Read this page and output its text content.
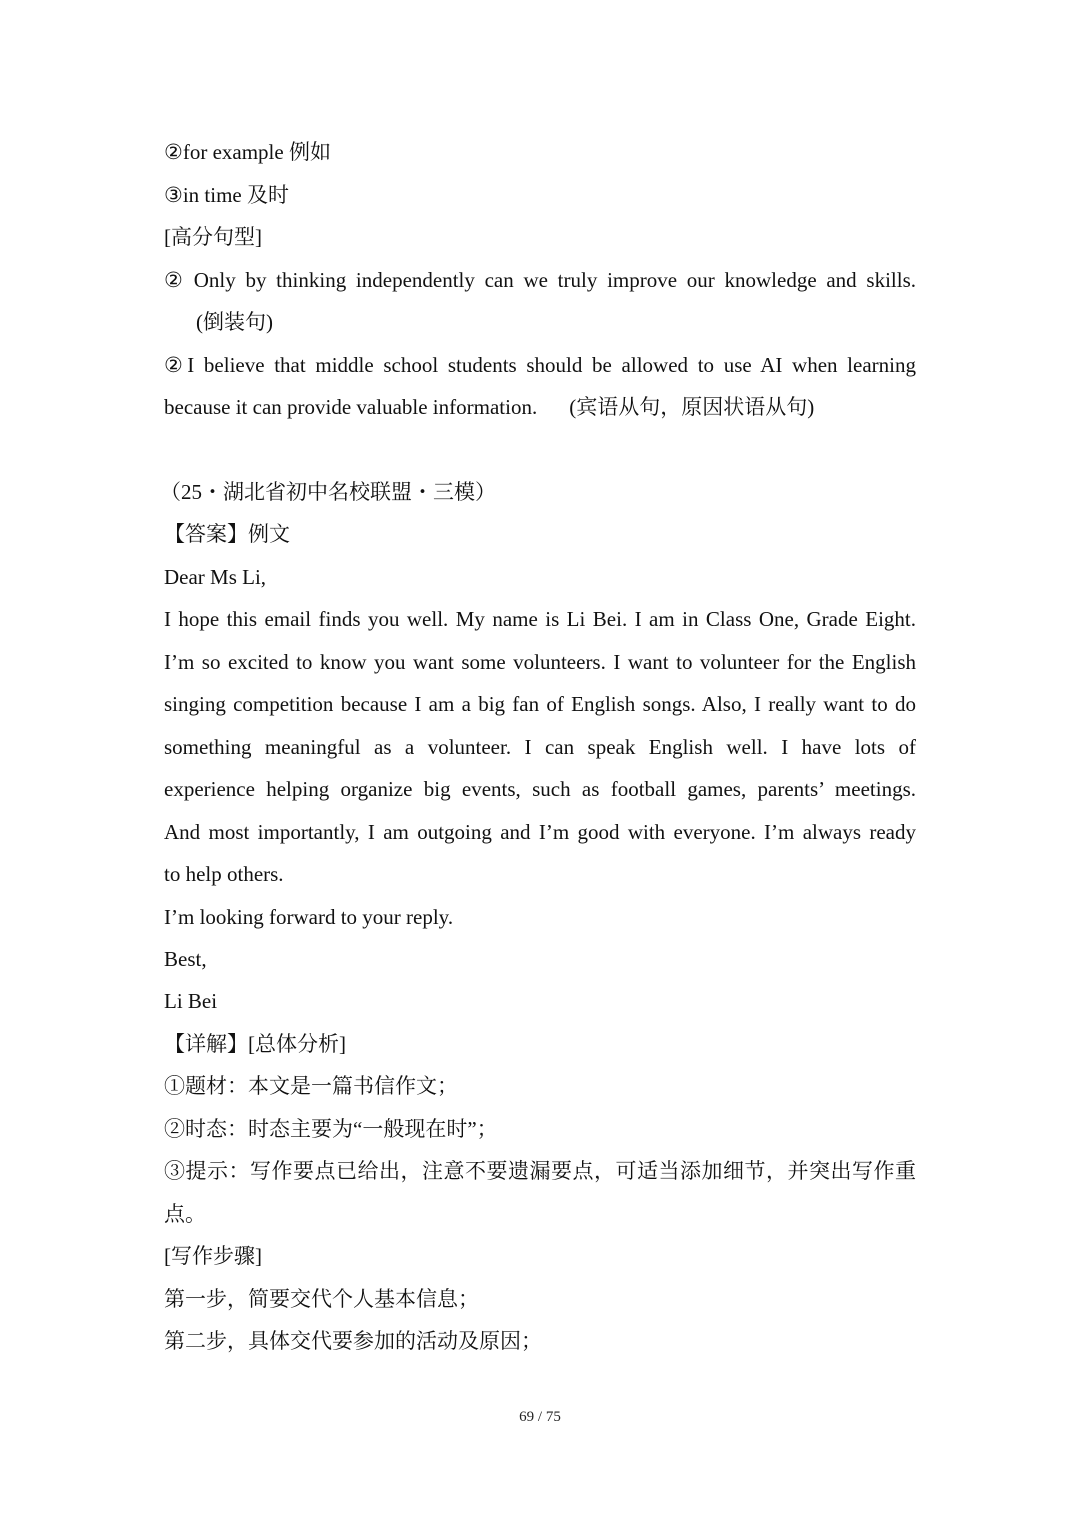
②for example 例如
③in time 及时
[高分句型]
② Only by thinking independently can we truly improve our knowledge and skills.
(倒装句)
②I believe that middle school students should be allowed to use AI when learning
because it can provide valuable information. (宾语从句，原因状语从句)
（25・湖北省初中名校联盟・三模）
【答案】例文
Dear Ms Li,
I hope this email finds you well. My name is Li Bei. I am in Class One, Grade Eight.
I’m so excited to know you want some volunteers. I want to volunteer for the English
singing competition because I am a big fan of English songs. Also, I really want to do
something meaningful as a volunteer. I can speak English well. I have lots of
experience helping organize big events, such as football games, parents’ meetings.
And most importantly, I am outgoing and I’m good with everyone. I’m always ready
to help others.
I’m looking forward to your reply.
Best,
Li Bei
【详解】[总体分析]
①题材：本文是一篇书信作文；
②时态：时态主要为“一般现在时”；
③提示：写作要点已给出，注意不要遗漏要点，可适当添加细节，并突出写作重
点。
[写作步骤]
第一步，简要交代个人基本信息；
第二步，具体交代要参加的活动及原因；
69 / 75
